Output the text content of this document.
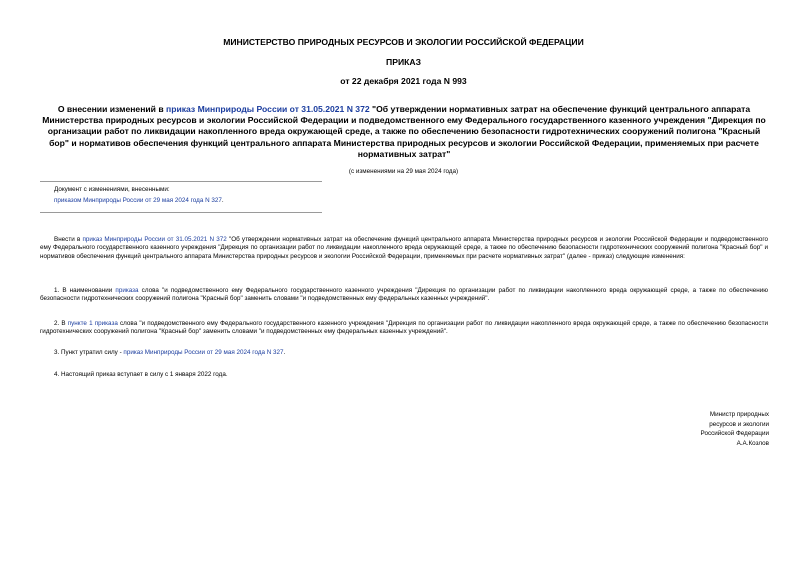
МИНИСТЕРСТВО ПРИРОДНЫХ РЕСУРСОВ И ЭКОЛОГИИ РОССИЙСКОЙ ФЕДЕРАЦИИ
ПРИКАЗ
от 22 декабря 2021 года N 993
О внесении изменений в приказ Минприроды России от 31.05.2021 N 372 "Об утверждении нормативных затрат на обеспечение функций центрального аппарата Министерства природных ресурсов и экологии Российской Федерации и подведомственного ему Федерального государственного казенного учреждения "Дирекция по организации работ по ликвидации накопленного вреда окружающей среде, а также по обеспечению безопасности гидротехнических сооружений полигона "Красный бор" и нормативов обеспечения функций центрального аппарата Министерства природных ресурсов и экологии Российской Федерации, применяемых при расчете нормативных затрат"
(с изменениями на 29 мая 2024 года)
Документ с изменениями, внесенными:
приказом Минприроды России от 29 мая 2024 года N 327.
Внести в приказ Минприроды России от 31.05.2021 N 372 "Об утверждении нормативных затрат на обеспечение функций центрального аппарата Министерства природных ресурсов и экологии Российской Федерации и подведомственного ему Федерального государственного казенного учреждения "Дирекция по организации работ по ликвидации накопленного вреда окружающей среде, а также по обеспечению безопасности гидротехнических сооружений полигона "Красный бор" и нормативов обеспечения функций центрального аппарата Министерства природных ресурсов и экологии Российской Федерации, применяемых при расчете нормативных затрат" (далее - приказ) следующие изменения:
1. В наименовании приказа слова "и подведомственного ему Федерального государственного казенного учреждения "Дирекция по организации работ по ликвидации накопленного вреда окружающей среде, а также по обеспечению безопасности гидротехнических сооружений полигона "Красный бор" заменить словами "и подведомственных ему федеральных казенных учреждений".
2. В пункте 1 приказа слова "и подведомственного ему Федерального государственного казенного учреждения "Дирекция по организации работ по ликвидации накопленного вреда окружающей среде, а также по обеспечению безопасности гидротехнических сооружений полигона "Красный бор" заменить словами "и подведомственных ему федеральных казенных учреждений".
3. Пункт утратил силу - приказ Минприроды России от 29 мая 2024 года N 327.
4. Настоящий приказ вступает в силу с 1 января 2022 года.
Министр природных
ресурсов и экологии
Российской Федерации
А.А.Козлов
